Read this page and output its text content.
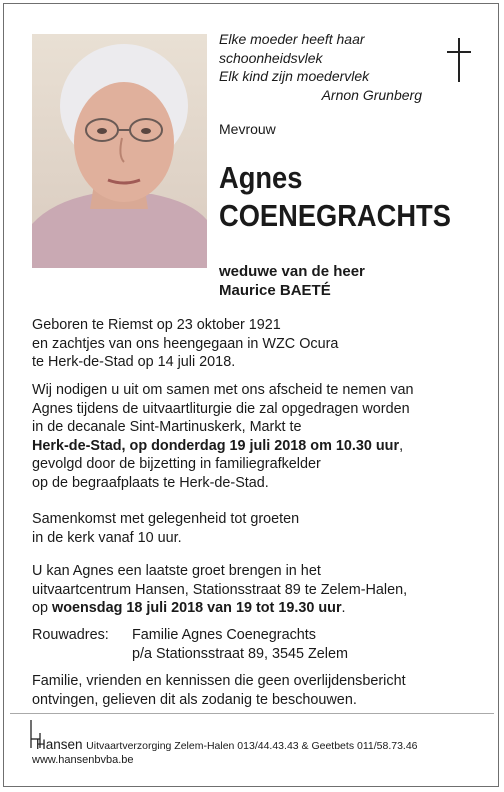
Elke moeder heeft haar
schoonheidsvlek
Elk kind zijn moedervlek
Arnon Grunberg
Mevrouw
Agnes
COENEGRACHTS
weduwe van de heer
Maurice BAETÉ

Geboren te Riemst op 23 oktober 1921

en zachtjes van ons heengegaan in WZC Ocura

te Herk-de-Stad op 14 juli 2018.

Wij nodigen u uit om samen met ons afscheid te nemen van

Agnes tijdens de uitvaartliturgie die zal opgedragen worden

in de decanale Sint-Martinuskerk, Markt te

Herk-de-Stad, op donderdag 19 juli 2018 om 10.30 uur,

gevolgd door de bijzetting in familiegrafkelder

op de begraafplaats te Herk-de-Stad.

Samenkomst met gelegenheid tot groeten

in de kerk vanaf 10 uur.

U kan Agnes een laatste groet brengen in het

uitvaartcentrum Hansen, Stationsstraat 89 te Zelem-Halen,

op woensdag 18 juli 2018 van 19 tot 19.30 uur.

Rouwadres:	Familie Agnes Coenegrachts
p/a Stationsstraat 89, 3545 Zelem

Familie, vrienden en kennissen die geen overlijdensbericht

ontvingen, gelieven dit als zodanig te beschouwen.

Hansen Uitvaartverzorging Zelem-Halen 013/44.43.43 & Geetbets 011/58.73.46
www.hansenbvba.be
